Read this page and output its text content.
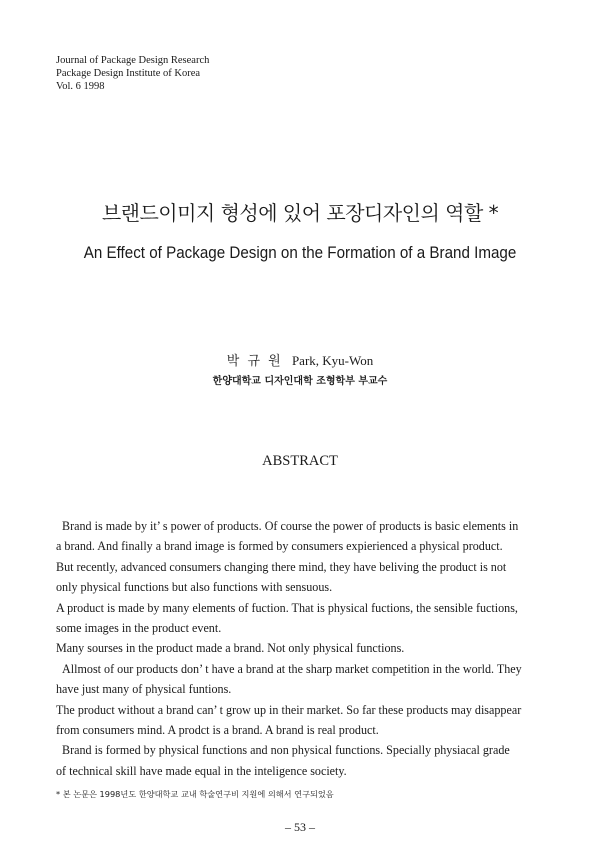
Journal of Package Design Research
Package Design Institute of Korea
Vol. 6 1998
브랜드이미지 형성에 있어 포장디자인의 역할 *
An Effect of Package Design on the Formation of a Brand Image
박 규 원 Park, Kyu-Won
한양대학교 디자인대학 조형학부 부교수
ABSTRACT
Brand is made by it’ s power of products. Of course the power of products is basic elements in
a brand. And finally a brand image is formed by consumers expierienced a physical product.
But recently, advanced consumers changing there mind, they have beliving the product is not
only physical functions but also functions with sensuous.
A product is made by many elements of fuction. That is physical fuctions, the sensible fuctions,
some images in the product event.
Many sourses in the product made a brand. Not only physical functions.
Allmost of our products don’ t have a brand at the sharp market competition in the world. They
have just many of physical funtions.
The product without a brand can’ t grow up in their market. So far these products may disappear
from consumers mind. A prodct is a brand. A brand is real product.
Brand is formed by physical functions and non physical functions. Specially physiacal grade
of technical skill have made equal in the inteligence society.
* 본 논문은 1998년도 한양대학교 교내 학술연구비 지원에 의해서 연구되었음
– 53 –
